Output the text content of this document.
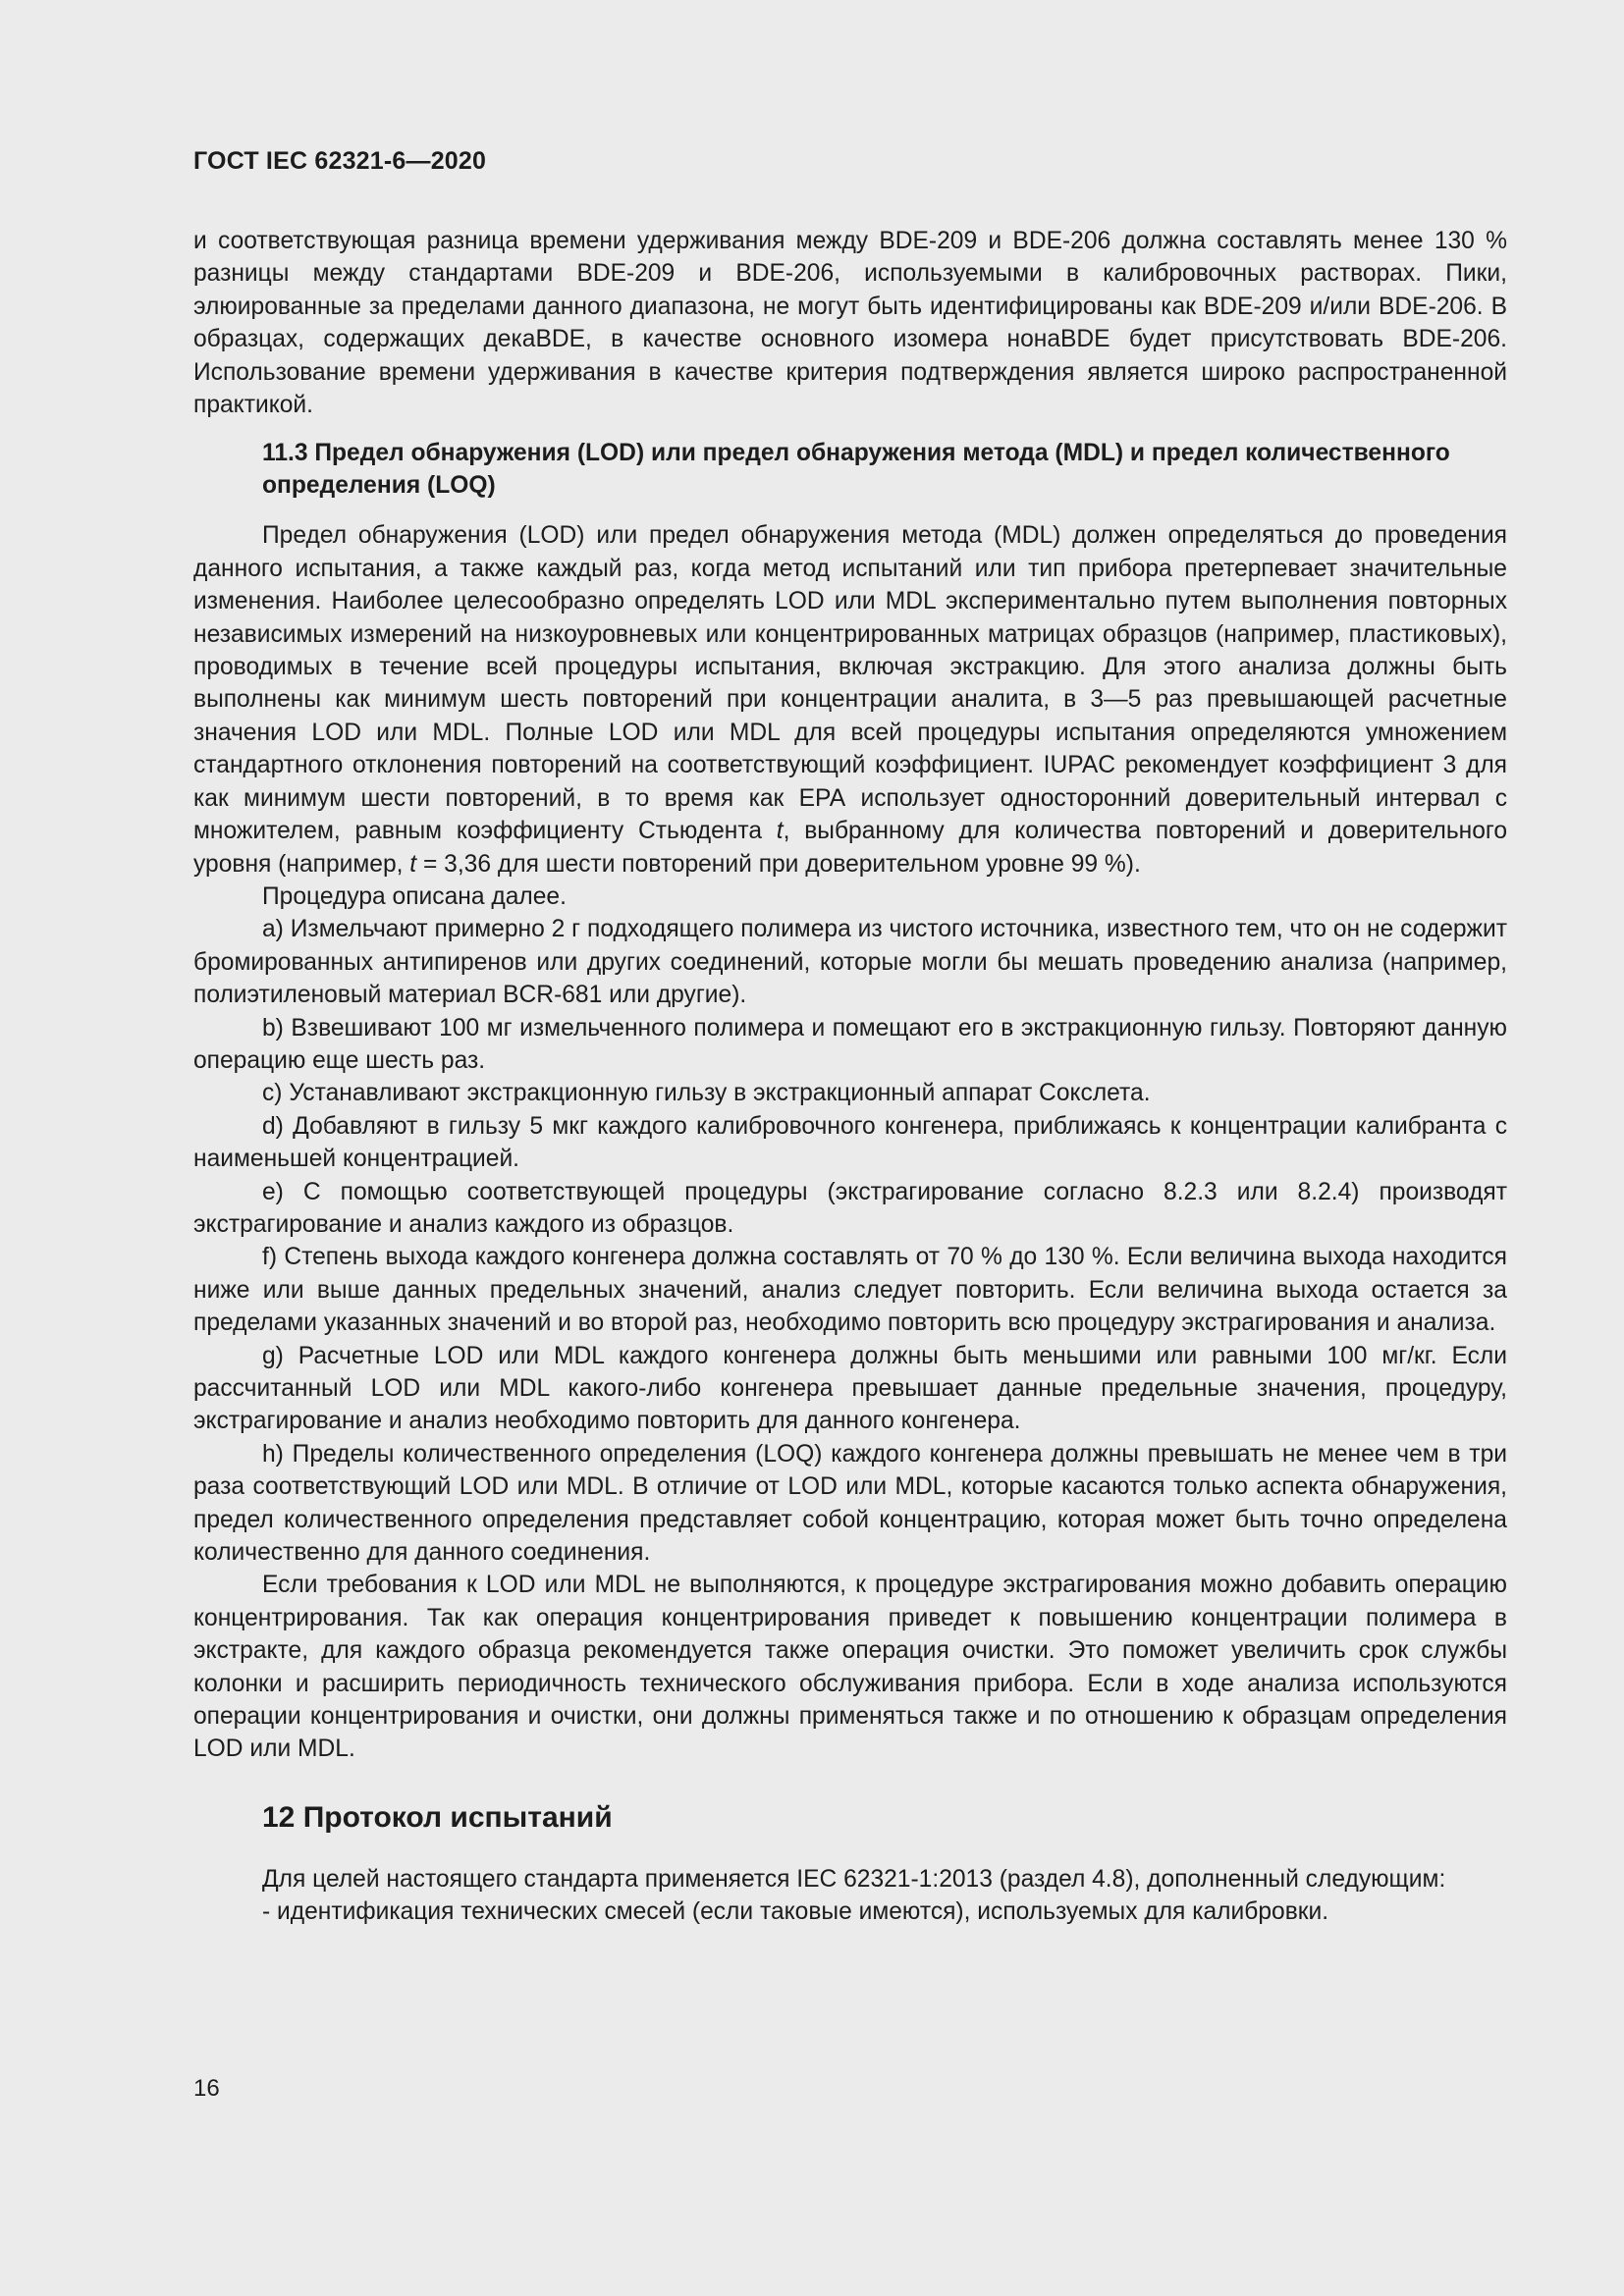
ГОСТ IEC 62321-6—2020

и соответствующая разница времени удерживания между BDE-209 и BDE-206 должна составлять менее 130 % разницы между стандартами BDE-209 и BDE-206, используемыми в калибровочных растворах. Пики, элюированные за пределами данного диапазона, не могут быть идентифицированы как BDE-209 и/или BDE-206. В образцах, содержащих декаBDE, в качестве основного изомера нонаBDE будет присутствовать BDE-206. Использование времени удерживания в качестве критерия подтверждения является широко распространенной практикой.

11.3 Предел обнаружения (LOD) или предел обнаружения метода (MDL) и предел количественного определения (LOQ)

Предел обнаружения (LOD) или предел обнаружения метода (MDL) должен определяться до проведения данного испытания, а также каждый раз, когда метод испытаний или тип прибора претерпевает значительные изменения. Наиболее целесообразно определять LOD или MDL экспериментально путем выполнения повторных независимых измерений на низкоуровневых или концентрированных матрицах образцов (например, пластиковых), проводимых в течение всей процедуры испытания, включая экстракцию. Для этого анализа должны быть выполнены как минимум шесть повторений при концентрации аналита, в 3—5 раз превышающей расчетные значения LOD или MDL. Полные LOD или MDL для всей процедуры испытания определяются умножением стандартного отклонения повторений на соответствующий коэффициент. IUPAC рекомендует коэффициент 3 для как минимум шести повторений, в то время как ЕРА использует односторонний доверительный интервал с множителем, равным коэффициенту Стьюдента t, выбранному для количества повторений и доверительного уровня (например, t = 3,36 для шести повторений при доверительном уровне 99 %).

Процедура описана далее.

a) Измельчают примерно 2 г подходящего полимера из чистого источника, известного тем, что он не содержит бромированных антипиренов или других соединений, которые могли бы мешать проведению анализа (например, полиэтиленовый материал BCR-681 или другие).

b) Взвешивают 100 мг измельченного полимера и помещают его в экстракционную гильзу. Повторяют данную операцию еще шесть раз.

c) Устанавливают экстракционную гильзу в экстракционный аппарат Сокслета.

d) Добавляют в гильзу 5 мкг каждого калибровочного конгенера, приближаясь к концентрации калибранта с наименьшей концентрацией.

e) С помощью соответствующей процедуры (экстрагирование согласно 8.2.3 или 8.2.4) производят экстрагирование и анализ каждого из образцов.

f) Степень выхода каждого конгенера должна составлять от 70 % до 130 %. Если величина выхода находится ниже или выше данных предельных значений, анализ следует повторить. Если величина выхода остается за пределами указанных значений и во второй раз, необходимо повторить всю процедуру экстрагирования и анализа.

g) Расчетные LOD или MDL каждого конгенера должны быть меньшими или равными 100 мг/кг. Если рассчитанный LOD или MDL какого-либо конгенера превышает данные предельные значения, процедуру, экстрагирование и анализ необходимо повторить для данного конгенера.

h) Пределы количественного определения (LOQ) каждого конгенера должны превышать не менее чем в три раза соответствующий LOD или MDL. В отличие от LOD или MDL, которые касаются только аспекта обнаружения, предел количественного определения представляет собой концентрацию, которая может быть точно определена количественно для данного соединения.

Если требования к LOD или MDL не выполняются, к процедуре экстрагирования можно добавить операцию концентрирования. Так как операция концентрирования приведет к повышению концентрации полимера в экстракте, для каждого образца рекомендуется также операция очистки. Это поможет увеличить срок службы колонки и расширить периодичность технического обслуживания прибора. Если в ходе анализа используются операции концентрирования и очистки, они должны применяться также и по отношению к образцам определения LOD или MDL.

12 Протокол испытаний

Для целей настоящего стандарта применяется IEC 62321-1:2013 (раздел 4.8), дополненный следующим:

- идентификация технических смесей (если таковые имеются), используемых для калибровки.

16
